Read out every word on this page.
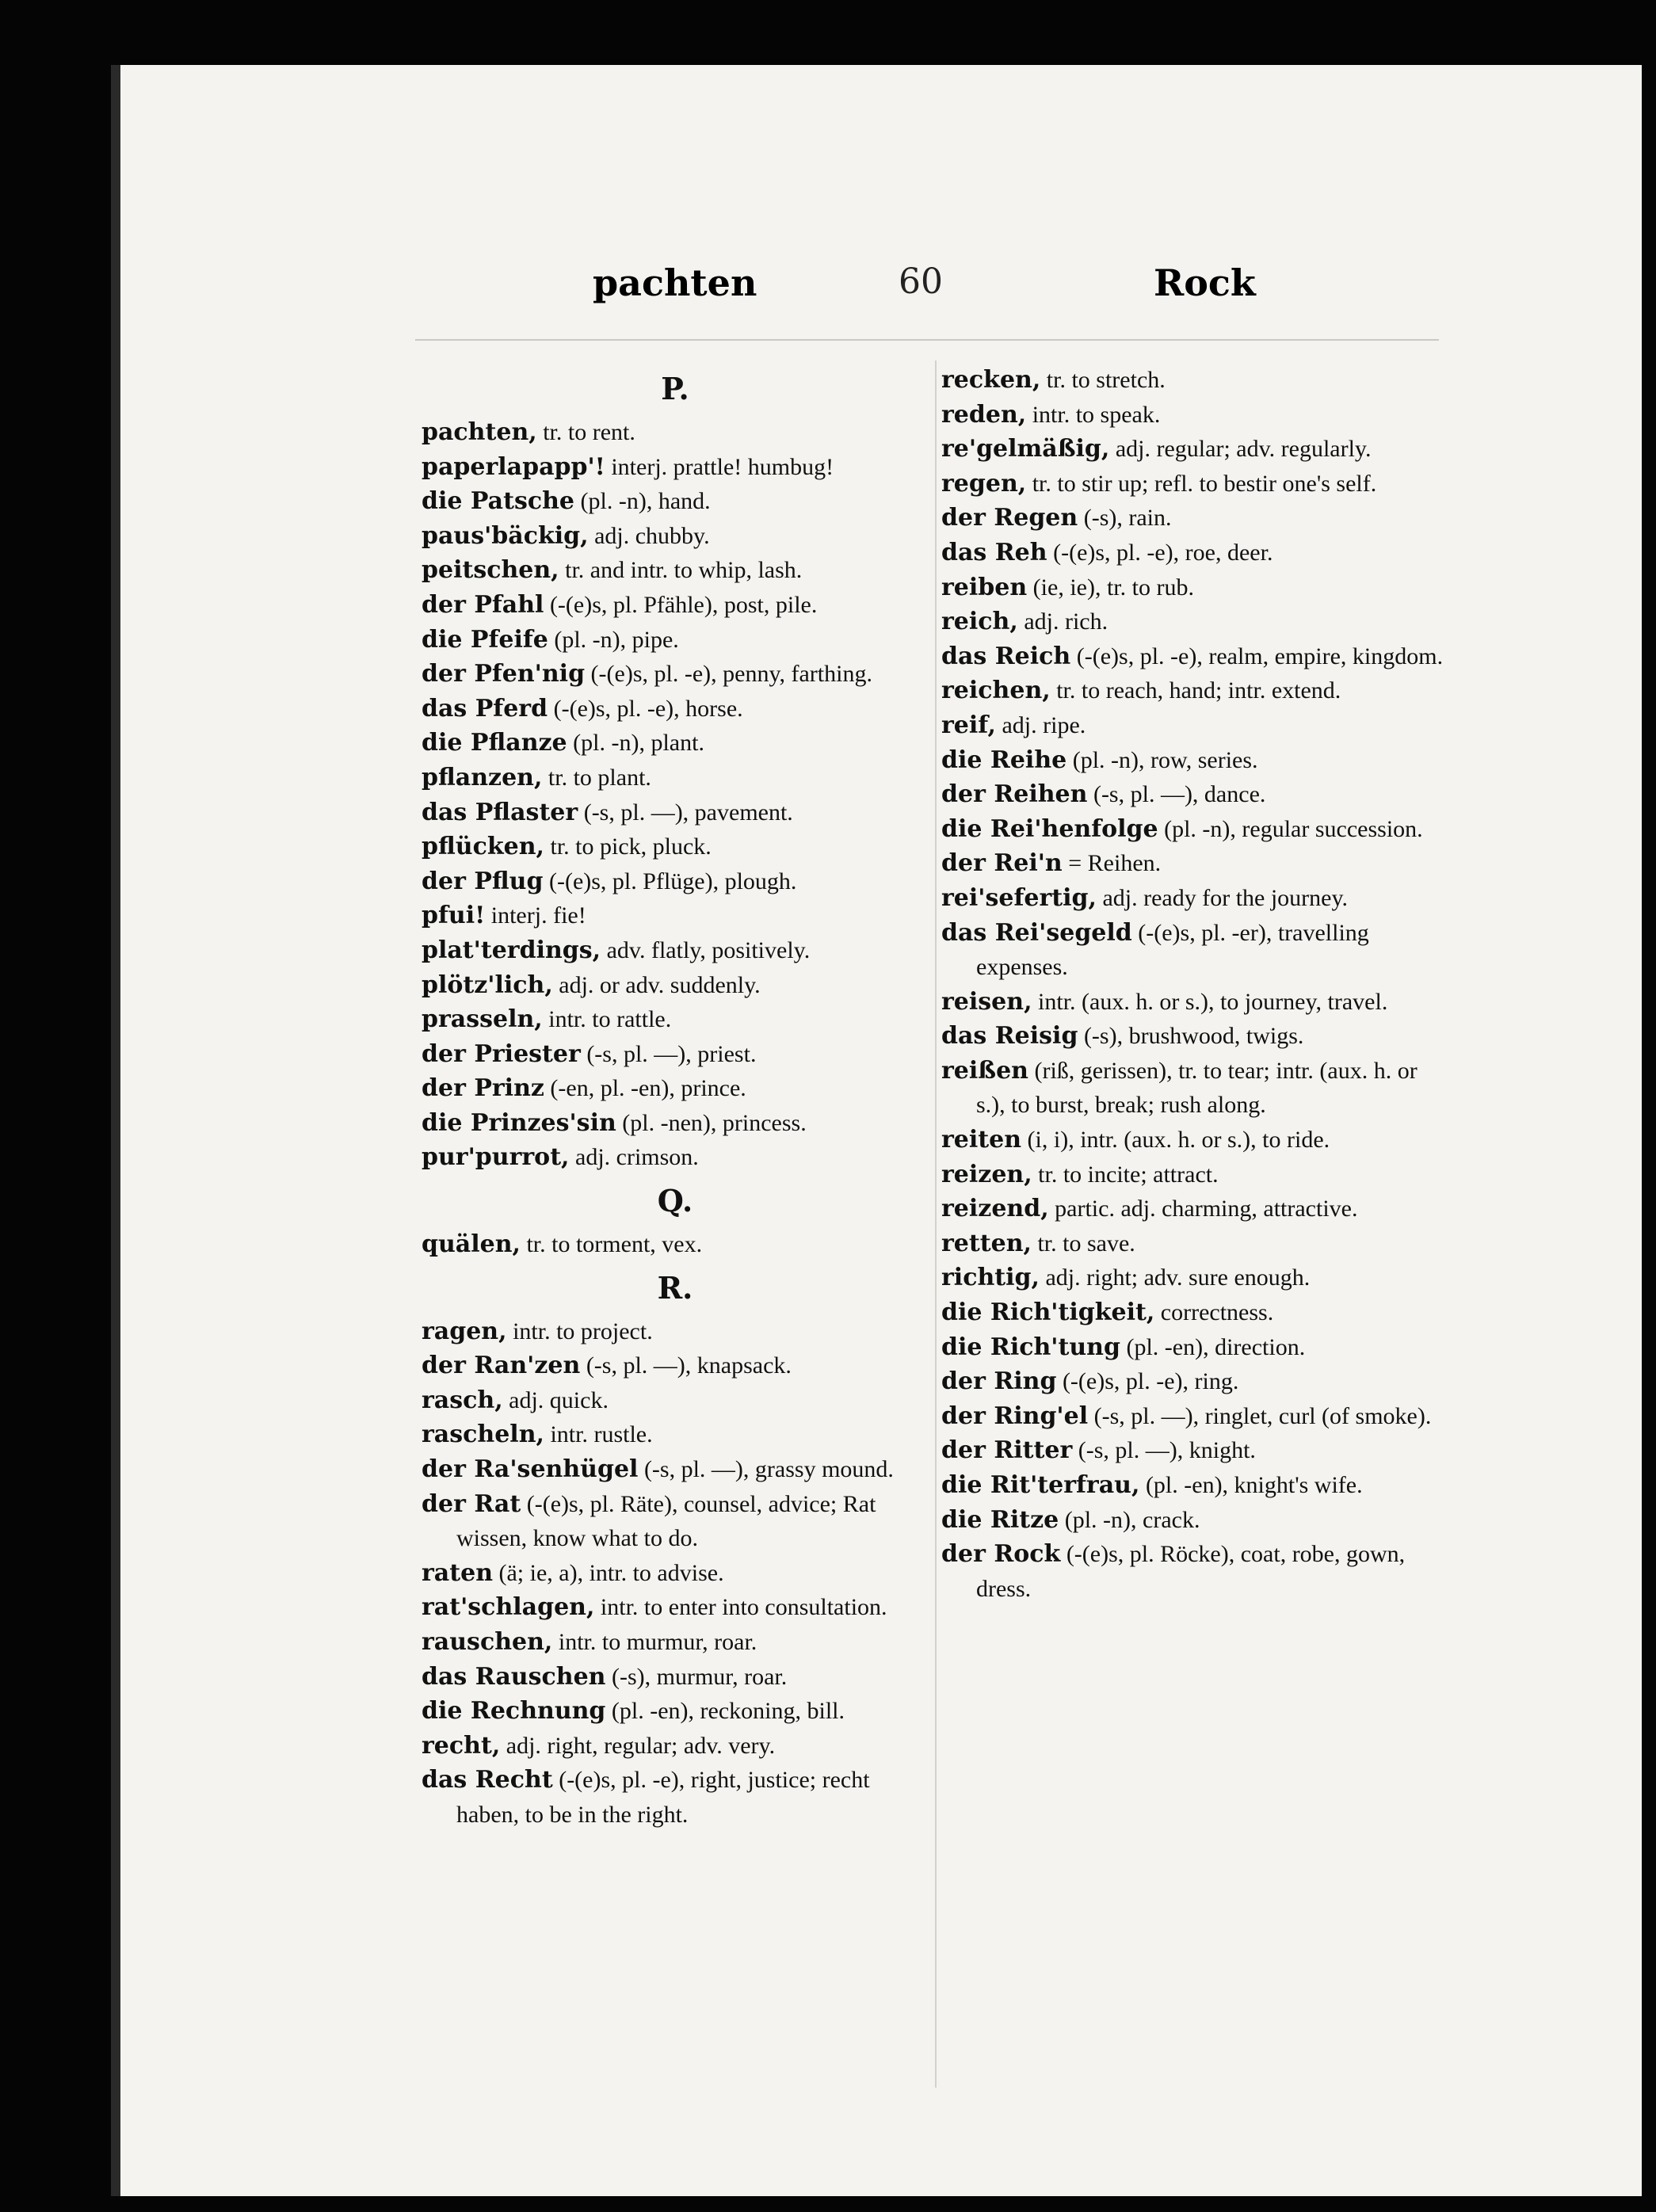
pachten	60	Rock
P.
pachten, tr. to rent.
paperlapapp'! interj. prattle! humbug!
die Patsche (pl. -n), hand.
paus'bäckig, adj. chubby.
peitschen, tr. and intr. to whip, lash.
der Pfahl (-(e)s, pl. Pfähle), post, pile.
die Pfeife (pl. -n), pipe.
der Pfen'nig (-(e)s, pl. -e), penny, farthing.
das Pferd (-(e)s, pl. -e), horse.
die Pflanze (pl. -n), plant.
pflanzen, tr. to plant.
das Pflaster (-s, pl. —), pavement.
pflücken, tr. to pick, pluck.
der Pflug (-(e)s, pl. Pflüge), plough.
pfui! interj. fie!
plat'terdings, adv. flatly, positively.
plötz'lich, adj. or adv. suddenly.
prasseln, intr. to rattle.
der Priester (-s, pl. —), priest.
der Prinz (-en, pl. -en), prince.
die Prinzes'sin (pl. -nen), princess.
pur'purrot, adj. crimson.
Q.
quälen, tr. to torment, vex.
R.
ragen, intr. to project.
der Ran'zen (-s, pl. —), knapsack.
rasch, adj. quick.
rascheln, intr. rustle.
der Ra'senhügel (-s, pl. —), grassy mound.
der Rat (-(e)s, pl. Räte), counsel, advice; Rat wissen, know what to do.
raten (ä; ie, a), intr. to advise.
rat'schlagen, intr. to enter into consultation.
rauschen, intr. to murmur, roar.
das Rauschen (-s), murmur, roar.
die Rechnung (pl. -en), reckoning, bill.
recht, adj. right, regular; adv. very.
das Recht (-(e)s, pl. -e), right, justice; recht haben, to be in the right.
recken, tr. to stretch.
reden, intr. to speak.
re'gelmäßig, adj. regular; adv. regularly.
regen, tr. to stir up; refl. to bestir one's self.
der Regen (-s), rain.
das Reh (-(e)s, pl. -e), roe, deer.
reiben (ie, ie), tr. to rub.
reich, adj. rich.
das Reich (-(e)s, pl. -e), realm, empire, kingdom.
reichen, tr. to reach, hand; intr. extend.
reif, adj. ripe.
die Reihe (pl. -n), row, series.
der Reihen (-s, pl. —), dance.
die Rei'henfolge (pl. -n), regular succession.
der Rei'n = Reihen.
rei'sefertig, adj. ready for the journey.
das Rei'segeld (-(e)s, pl. -er), travelling expenses.
reisen, intr. (aux. h. or s.), to journey, travel.
das Reisig (-s), brushwood, twigs.
reißen (riß, gerissen), tr. to tear; intr. (aux. h. or s.), to burst, break; rush along.
reiten (i, i), intr. (aux. h. or s.), to ride.
reizen, tr. to incite; attract.
reizend, partic. adj. charming, attractive.
retten, tr. to save.
richtig, adj. right; adv. sure enough.
die Rich'tigkeit, correctness.
die Rich'tung (pl. -en), direction.
der Ring (-(e)s, pl. -e), ring.
der Ring'el (-s, pl. —), ringlet, curl (of smoke).
der Ritter (-s, pl. —), knight.
die Rit'terfrau, (pl. -en), knight's wife.
die Ritze (pl. -n), crack.
der Rock (-(e)s, pl. Röcke), coat, robe, gown, dress.
